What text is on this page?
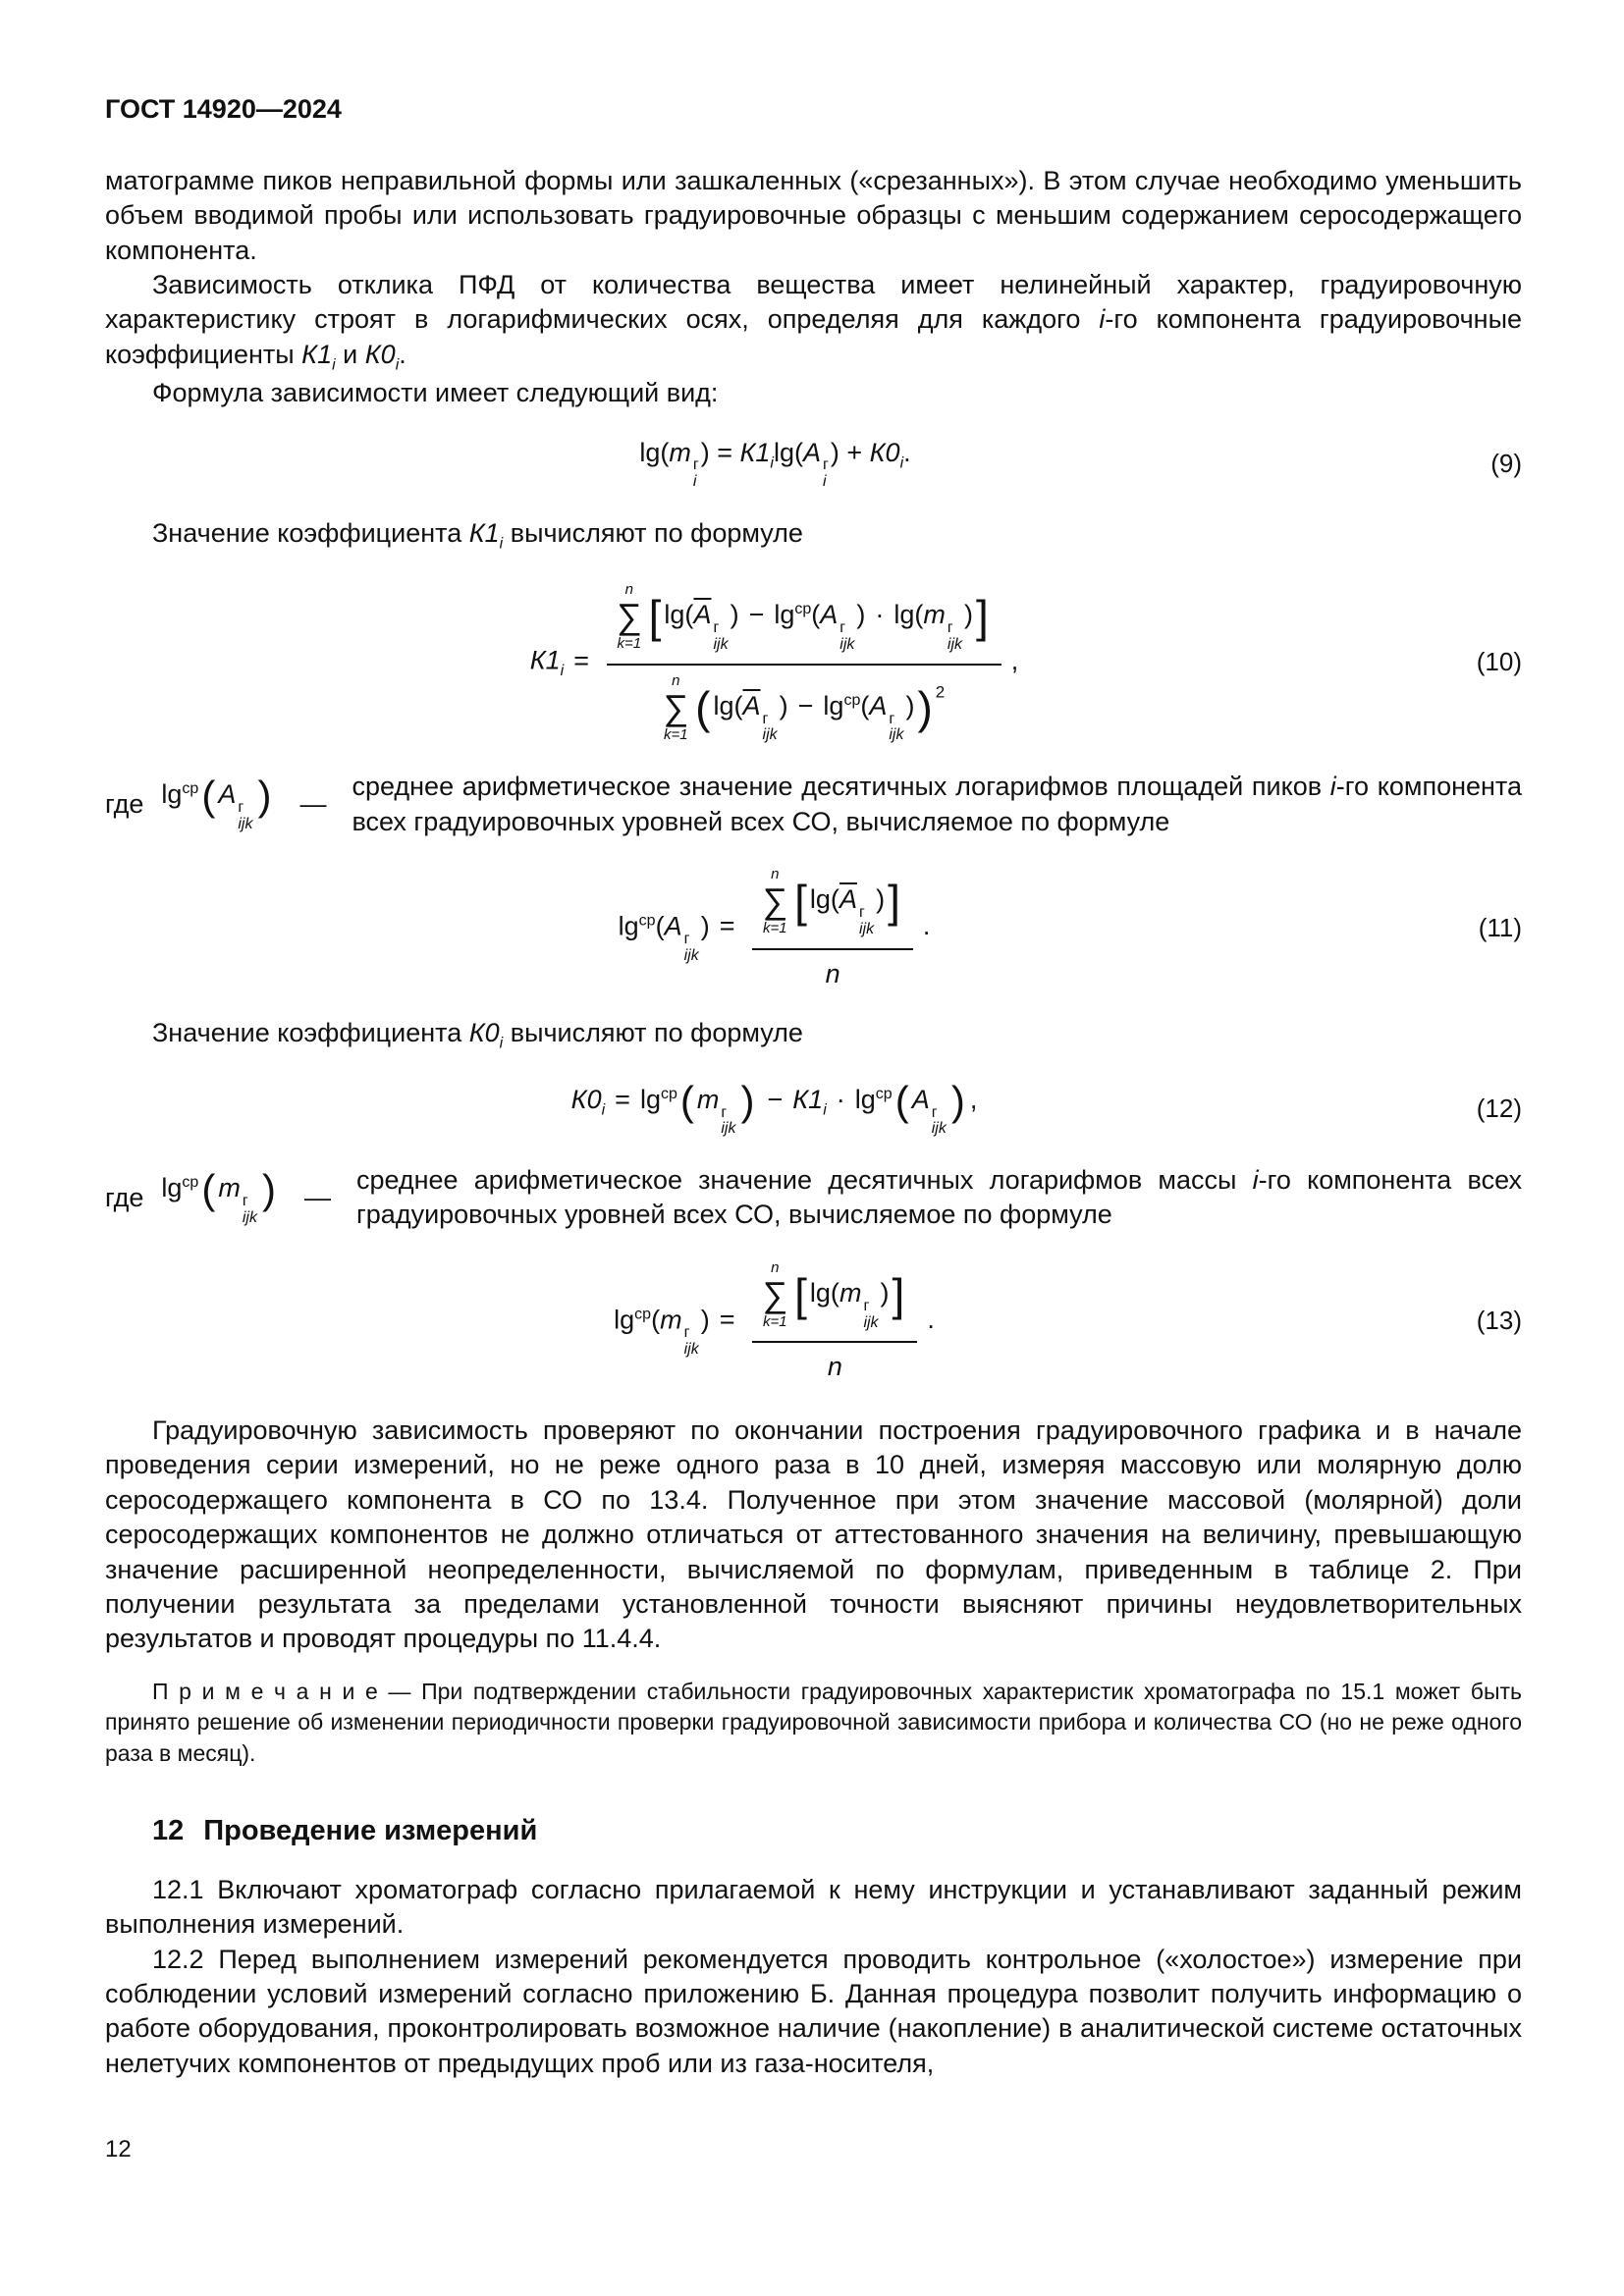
ГОСТ 14920—2024

матограмме пиков неправильной формы или зашкаленных («срезанных»). В этом случае необходимо уменьшить объем вводимой пробы или использовать градуировочные образцы с меньшим содержанием серосодержащего компонента.

Зависимость отклика ПФД от количества вещества имеет нелинейный характер, градуировочную характеристику строят в логарифмических осях, определяя для каждого i-го компонента градуировочные коэффициенты $К1_i$ и $К0_i$.

Формула зависимости имеет следующий вид:

lg(m г
i
) = $К1_i\lg(A$ г
i
) + $К0_i$.	(9)

Значение коэффициента $К1_i$ вычисляют по формуле

$К1_i = n$
∑
k=1
[ $\lg(\overline{A}$ г
ijk
) − $\lg^{ср}(A$ г
ijk
) · lg(m г
ijk
)]
n
∑
k=1
( $\lg(\overline{A}$ г
ijk
) − $\lg^{ср}(A$ г
ijk
)) $^2$ ,	(10)
где $\lg^{ср}$( A г
ijk
) —
среднее арифметическое значение десятичных логарифмов площадей пиков i-го компонента всех градуировочных уровней всех СО, вычисляемое по формуле
$\lg^{ср}(A$ г
ijk
) = n
∑
k=1
[ $\lg(\overline{A}$ г
ijk
)]
n .	(11)

Значение коэффициента $К0_i$ вычисляют по формуле

$К0_i = \lg^{ср}$( m г
ijk
) − $К1_i \cdot \lg^{ср}$( A г
ijk
) ,	(12)
где $\lg^{ср}$( m г
ijk
) —
среднее арифметическое значение десятичных логарифмов массы i-го компонента всех градуировочных уровней всех СО, вычисляемое по формуле
$\lg^{ср}(m$ г
ijk
) = n
∑
k=1
[ lg(m г
ijk
)]
n .	(13)

Градуировочную зависимость проверяют по окончании построения градуировочного графика и в начале проведения серии измерений, но не реже одного раза в 10 дней, измеряя массовую или молярную долю серосодержащего компонента в СО по 13.4. Полученное при этом значение массовой (молярной) доли серосодержащих компонентов не должно отличаться от аттестованного значения на величину, превышающую значение расширенной неопределенности, вычисляемой по формулам, приведенным в таблице 2. При получении результата за пределами установленной точности выясняют причины неудовлетворительных результатов и проводят процедуры по 11.4.4.

П р и м е ч а н и е — При подтверждении стабильности градуировочных характеристик хроматографа по 15.1 может быть принято решение об изменении периодичности проверки градуировочной зависимости прибора и количества СО (но не реже одного раза в месяц).

12 Проведение измерений

12.1 Включают хроматограф согласно прилагаемой к нему инструкции и устанавливают заданный режим выполнения измерений.

12.2 Перед выполнением измерений рекомендуется проводить контрольное («холостое») измерение при соблюдении условий измерений согласно приложению Б. Данная процедура позволит получить информацию о работе оборудования, проконтролировать возможное наличие (накопление) в аналитической системе остаточных нелетучих компонентов от предыдущих проб или из газа-носителя,

12
